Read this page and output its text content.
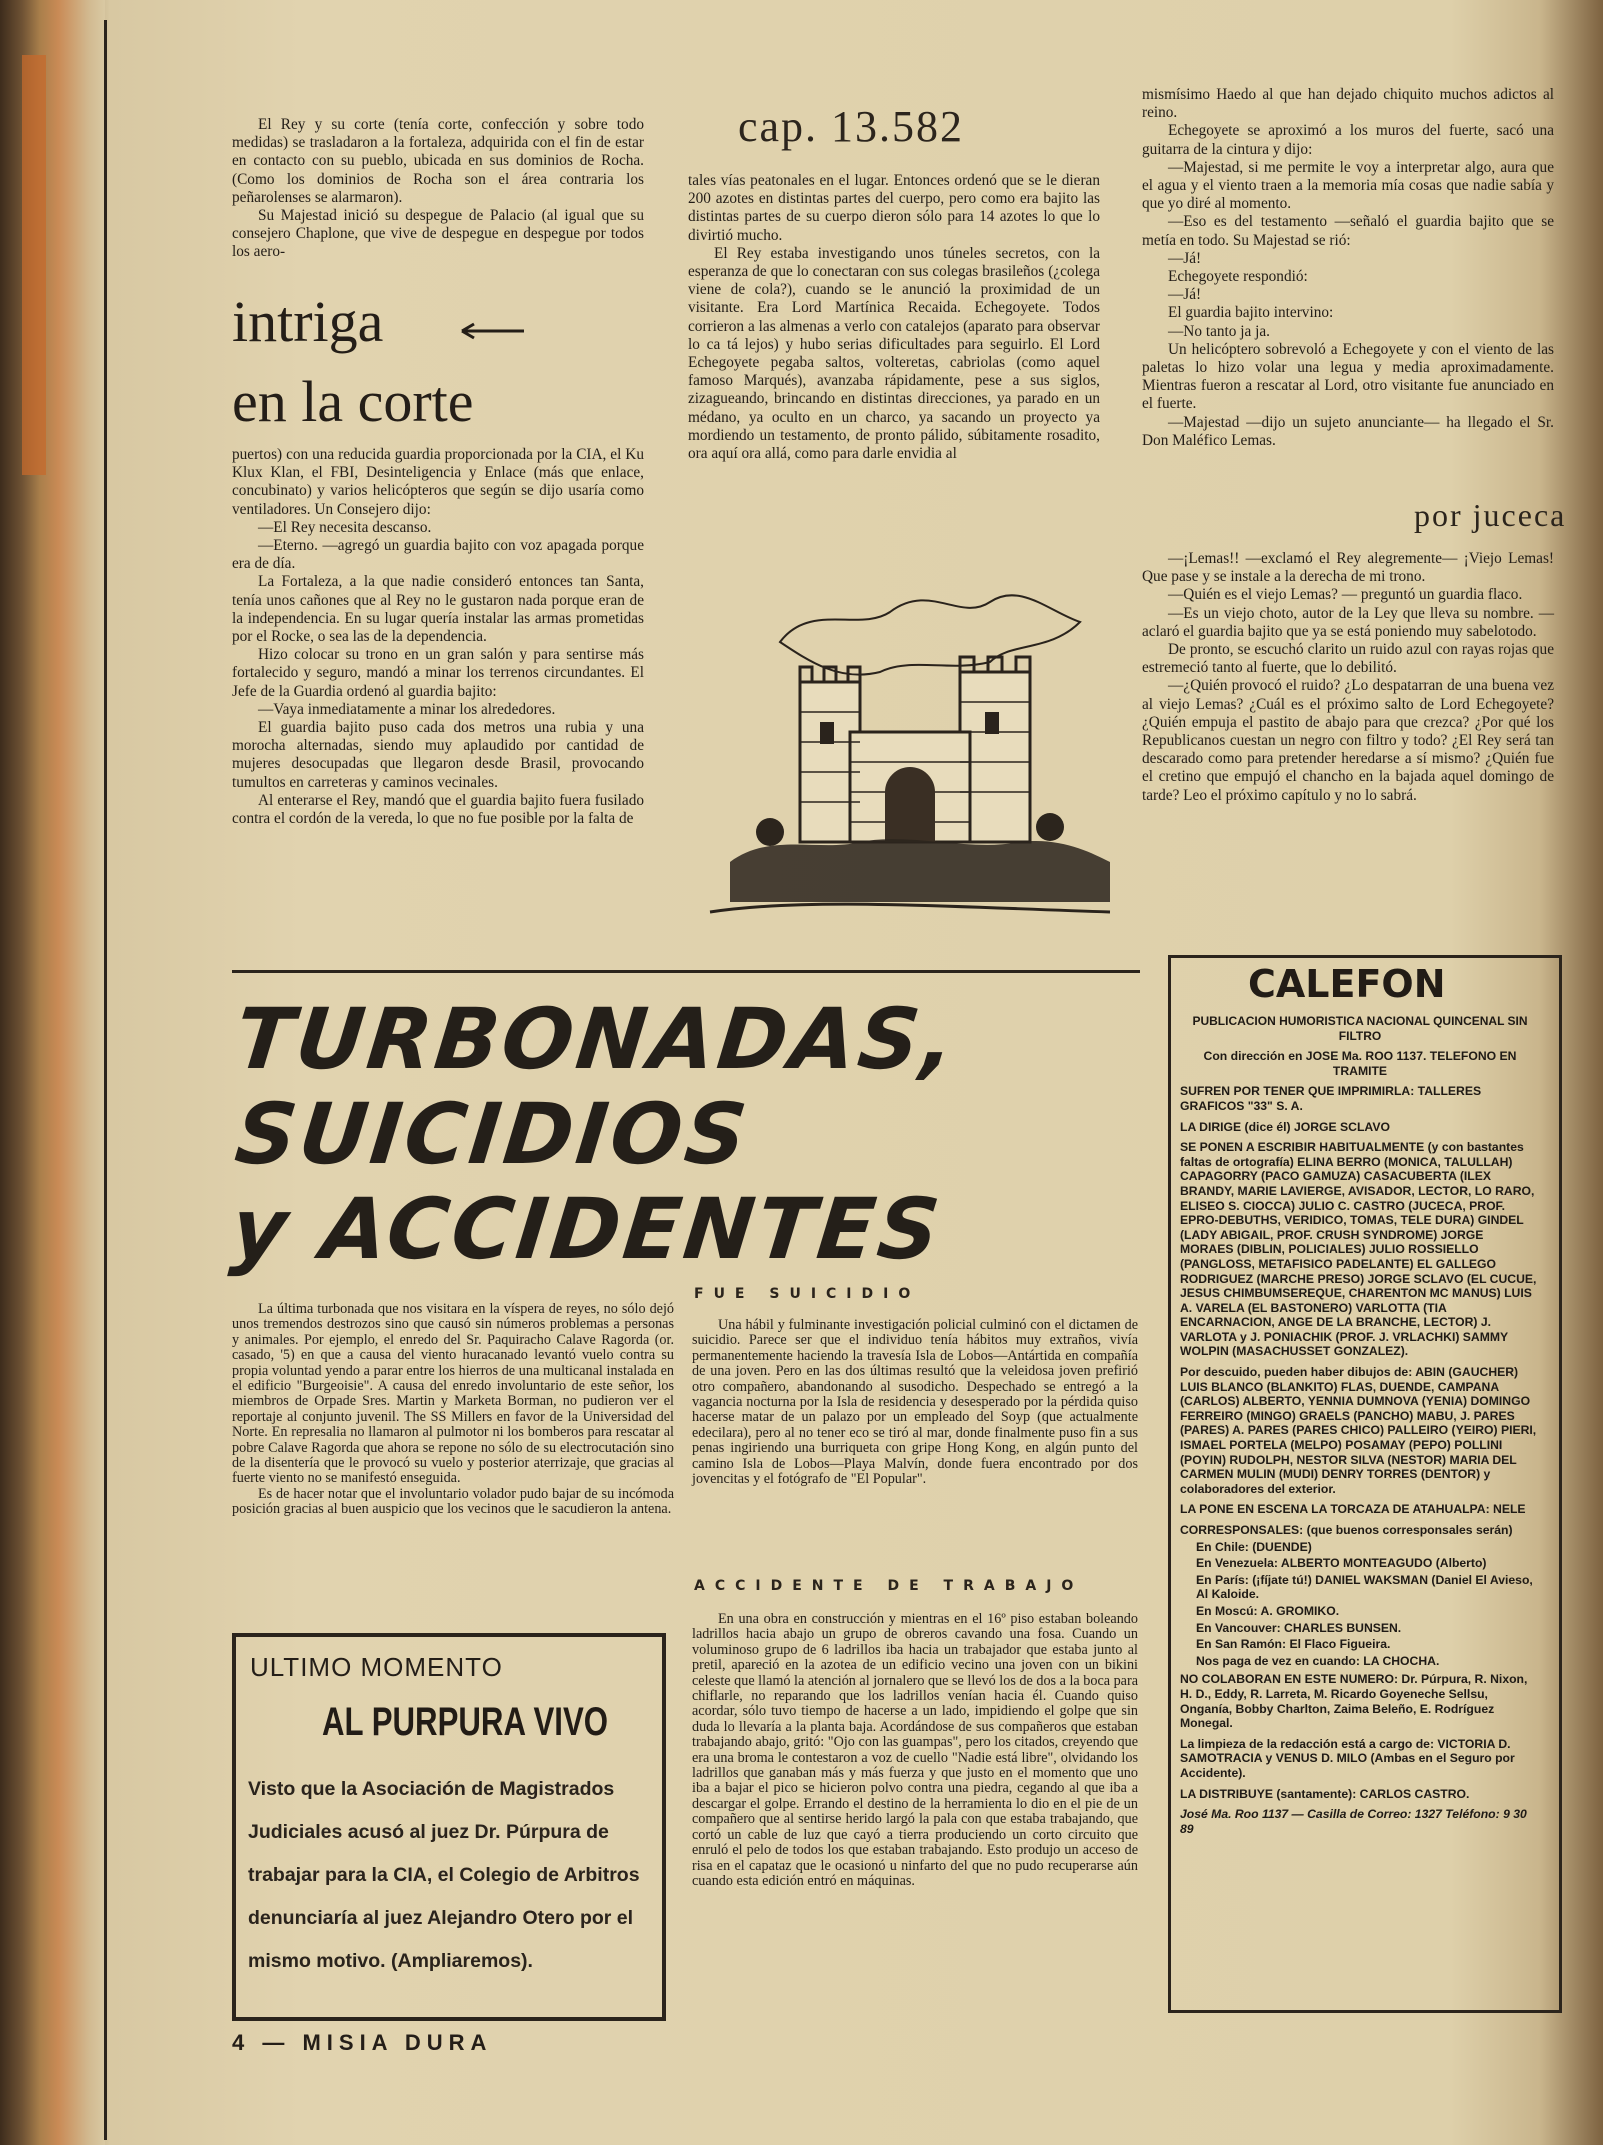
cap. 13.582
intriga
en la corte
por juceca

El Rey y su corte (tenía corte, confección y sobre todo medidas) se trasladaron a la fortaleza, adquirida con el fin de estar en contacto con su pueblo, ubicada en sus dominios de Rocha. (Como los dominios de Rocha son el área contraria los peñarolenses se alarmaron).

Su Majestad inició su despegue de Palacio (al igual que su consejero Chaplone, que vive de despegue en despegue por todos los aero-

puertos) con una reducida guardia proporcionada por la CIA, el Ku Klux Klan, el FBI, Desinteligencia y Enlace (más que enlace, concubinato) y varios helicópteros que según se dijo usaría como ventiladores. Un Consejero dijo:

—El Rey necesita descanso.

—Eterno. —agregó un guardia bajito con voz apagada porque era de día.

La Fortaleza, a la que nadie consideró entonces tan Santa, tenía unos cañones que al Rey no le gustaron nada porque eran de la independencia. En su lugar quería instalar las armas prometidas por el Rocke, o sea las de la dependencia.

Hizo colocar su trono en un gran salón y para sentirse más fortalecido y seguro, mandó a minar los terrenos circundantes. El Jefe de la Guardia ordenó al guardia bajito:

—Vaya inmediatamente a minar los alrededores.

El guardia bajito puso cada dos metros una rubia y una morocha alternadas, siendo muy aplaudido por cantidad de mujeres desocupadas que llegaron desde Brasil, provocando tumultos en carreteras y caminos vecinales.

Al enterarse el Rey, mandó que el guardia bajito fuera fusilado contra el cordón de la vereda, lo que no fue posible por la falta de

tales vías peatonales en el lugar. Entonces ordenó que se le dieran 200 azotes en distintas partes del cuerpo, pero como era bajito las distintas partes de su cuerpo dieron sólo para 14 azotes lo que lo divirtió mucho.

El Rey estaba investigando unos túneles secretos, con la esperanza de que lo conectaran con sus colegas brasileños (¿colega viene de cola?), cuando se le anunció la proximidad de un visitante. Era Lord Martínica Recaida. Echegoyete. Todos corrieron a las almenas a verlo con catalejos (aparato para observar lo ca tá lejos) y hubo serias dificultades para seguirlo. El Lord Echegoyete pegaba saltos, volteretas, cabriolas (como aquel famoso Marqués), avanzaba rápidamente, pese a sus siglos, zizagueando, brincando en distintas direcciones, ya parado en un médano, ya oculto en un charco, ya sacando un proyecto ya mordiendo un testamento, de pronto pálido, súbitamente rosadito, ora aquí ora allá, como para darle envidia al

mismísimo Haedo al que han dejado chiquito muchos adictos al reino.

Echegoyete se aproximó a los muros del fuerte, sacó una guitarra de la cintura y dijo:

—Majestad, si me permite le voy a interpretar algo, aura que el agua y el viento traen a la memoria mía cosas que nadie sabía y que yo diré al momento.

—Eso es del testamento —señaló el guardia bajito que se metía en todo. Su Majestad se rió:

—Já!

Echegoyete respondió:

—Já!

El guardia bajito intervino:

—No tanto ja ja.

Un helicóptero sobrevoló a Echegoyete y con el viento de las paletas lo hizo volar una legua y media aproximadamente. Mientras fueron a rescatar al Lord, otro visitante fue anunciado en el fuerte.

—Majestad —dijo un sujeto anunciante— ha llegado el Sr. Don Maléfico Lemas.

—¡Lemas!! —exclamó el Rey alegremente— ¡Viejo Lemas! Que pase y se instale a la derecha de mi trono.

—Quién es el viejo Lemas? — preguntó un guardia flaco.

—Es un viejo choto, autor de la Ley que lleva su nombre. —aclaró el guardia bajito que ya se está poniendo muy sabelotodo.

De pronto, se escuchó clarito un ruido azul con rayas rojas que estremeció tanto al fuerte, que lo debilitó.

—¿Quién provocó el ruido? ¿Lo despatarran de una buena vez al viejo Lemas? ¿Cuál es el próximo salto de Lord Echegoyete? ¿Quién empuja el pastito de abajo para que crezca? ¿Por qué los Republicanos cuestan un negro con filtro y todo? ¿El Rey será tan descarado como para pretender heredarse a sí mismo? ¿Quién fue el cretino que empujó el chancho en la bajada aquel domingo de tarde? Leo el próximo capítulo y no lo sabrá.

TURBONADAS,
SUICIDIOS
y ACCIDENTES

La última turbonada que nos visitara en la víspera de reyes, no sólo dejó unos tremendos destrozos sino que causó sin números problemas a personas y animales. Por ejemplo, el enredo del Sr. Paquiracho Calave Ragorda (or. casado, '5) en que a causa del viento huracanado levantó vuelo contra su propia voluntad yendo a parar entre los hierros de una multicanal instalada en el edificio "Burgeoisie". A causa del enredo involuntario de este señor, los miembros de Orpade Sres. Martin y Marketa Borman, no pudieron ver el reportaje al conjunto juvenil. The SS Millers en favor de la Universidad del Norte. En represalia no llamaron al pulmotor ni los bomberos para rescatar al pobre Calave Ragorda que ahora se repone no sólo de su electrocutación sino de la disentería que le provocó su vuelo y posterior aterrizaje, que gracias al fuerte viento no se manifestó enseguida.

Es de hacer notar que el involuntario volador pudo bajar de su incómoda posición gracias al buen auspicio que los vecinos que le sacudieron la antena.

FUE SUICIDIO

Una hábil y fulminante investigación policial culminó con el dictamen de suicidio. Parece ser que el individuo tenía hábitos muy extraños, vivía permanentemente haciendo la travesía Isla de Lobos—Antártida en compañía de una joven. Pero en las dos últimas resultó que la veleidosa joven prefirió otro compañero, abandonando al susodicho. Despechado se entregó a la vagancia nocturna por la Isla de residencia y desesperado por la pérdida quiso hacerse matar de un palazo por un empleado del Soyp (que actualmente edecilara), pero al no tener eco se tiró al mar, donde finalmente puso fin a sus penas ingiriendo una burriqueta con gripe Hong Kong, en algún punto del camino Isla de Lobos—Playa Malvín, donde fuera encontrado por dos jovencitas y el fotógrafo de "El Popular".

ACCIDENTE DE TRABAJO

En una obra en construcción y mientras en el 16º piso estaban boleando ladrillos hacia abajo un grupo de obreros cavando una fosa. Cuando un voluminoso grupo de 6 ladrillos iba hacia un trabajador que estaba junto al pretil, apareció en la azotea de un edificio vecino una joven con un bikini celeste que llamó la atención al jornalero que se llevó los de dos a la boca para chiflarle, no reparando que los ladrillos venían hacia él. Cuando quiso acordar, sólo tuvo tiempo de hacerse a un lado, impidiendo el golpe que sin duda lo llevaría a la planta baja. Acordándose de sus compañeros que estaban trabajando abajo, gritó: "Ojo con las guampas", pero los citados, creyendo que era una broma le contestaron a voz de cuello "Nadie está libre", olvidando los ladrillos que ganaban más y más fuerza y que justo en el momento que uno iba a bajar el pico se hicieron polvo contra una piedra, cegando al que iba a descargar el golpe. Errando el destino de la herramienta lo dio en el pie de un compañero que al sentirse herido largó la pala con que estaba trabajando, que cortó un cable de luz que cayó a tierra produciendo un corto circuito que enruló el pelo de todos los que estaban trabajando. Esto produjo un acceso de risa en el capataz que le ocasionó u ninfarto del que no pudo recuperarse aún cuando esta edición entró en máquinas.

CALEFON

PUBLICACION HUMORISTICA NACIONAL QUINCENAL SIN FILTRO

Con dirección en JOSE Ma. ROO 1137. TELEFONO EN TRAMITE

SUFREN POR TENER QUE IMPRIMIRLA: TALLERES GRAFICOS "33" S. A.

LA DIRIGE (dice él) JORGE SCLAVO

SE PONEN A ESCRIBIR HABITUALMENTE (y con bastantes faltas de ortografía) ELINA BERRO (MONICA, TALULLAH) CAPAGORRY (PACO GAMUZA) CASACUBERTA (ILEX BRANDY, MARIE LAVIERGE, AVISADOR, LECTOR, LO RARO, ELISEO S. CIOCCA) JULIO C. CASTRO (JUCECA, PROF. EPRO-DEBUTHS, VERIDICO, TOMAS, TELE DURA) GINDEL (LADY ABIGAIL, PROF. CRUSH SYNDROME) JORGE MORAES (DIBLIN, POLICIALES) JULIO ROSSIELLO (PANGLOSS, METAFISICO PADELANTE) EL GALLEGO RODRIGUEZ (MARCHE PRESO) JORGE SCLAVO (EL CUCUE, JESUS CHIMBUMSEREQUE, CHARENTON MC MANUS) LUIS A. VARELA (EL BASTONERO) VARLOTTA (TIA ENCARNACION, ANGE DE LA BRANCHE, LECTOR) J. VARLOTA y J. PONIACHIK (PROF. J. VRLACHKI) SAMMY WOLPIN (MASACHUSSET GONZALEZ).

Por descuido, pueden haber dibujos de: ABIN (GAUCHER) LUIS BLANCO (BLANKITO) FLAS, DUENDE, CAMPANA (CARLOS) ALBERTO, YENNIA DUMNOVA (YENIA) DOMINGO FERREIRO (MINGO) GRAELS (PANCHO) MABU, J. PARES (PARES) A. PARES (PARES CHICO) PALLEIRO (YEIRO) PIERI, ISMAEL PORTELA (MELPO) POSAMAY (PEPO) POLLINI (POYIN) RUDOLPH, NESTOR SILVA (NESTOR) MARIA DEL CARMEN MULIN (MUDI) DENRY TORRES (DENTOR) y colaboradores del exterior.

LA PONE EN ESCENA LA TORCAZA DE ATAHUALPA: NELE

CORRESPONSALES: (que buenos corresponsales serán)

En Chile: (DUENDE)

En Venezuela: ALBERTO MONTEAGUDO (Alberto)

En París: (¡fíjate tú!) DANIEL WAKSMAN (Daniel El Avieso, Al Kaloide.

En Moscú: A. GROMIKO.

En Vancouver: CHARLES BUNSEN.

En San Ramón: El Flaco Figueira.

Nos paga de vez en cuando: LA CHOCHA.

NO COLABORAN EN ESTE NUMERO: Dr. Púrpura, R. Nixon, H. D., Eddy, R. Larreta, M. Ricardo Goyeneche Sellsu, Onganía, Bobby Charlton, Zaima Beleño, E. Rodríguez Monegal.

La limpieza de la redacción está a cargo de: VICTORIA D. SAMOTRACIA y VENUS D. MILO (Ambas en el Seguro por Accidente).

LA DISTRIBUYE (santamente): CARLOS CASTRO.

José Ma. Roo 1137 — Casilla de Correo: 1327 Teléfono: 9 30 89

ULTIMO MOMENTO
AL PURPURA VIVO
Visto que la Asociación de Magistrados Judiciales acusó al juez Dr. Púrpura de trabajar para la CIA, el Colegio de Arbitros denunciaría al juez Alejandro Otero por el mismo motivo. (Ampliaremos).
4 — MISIA DURA
